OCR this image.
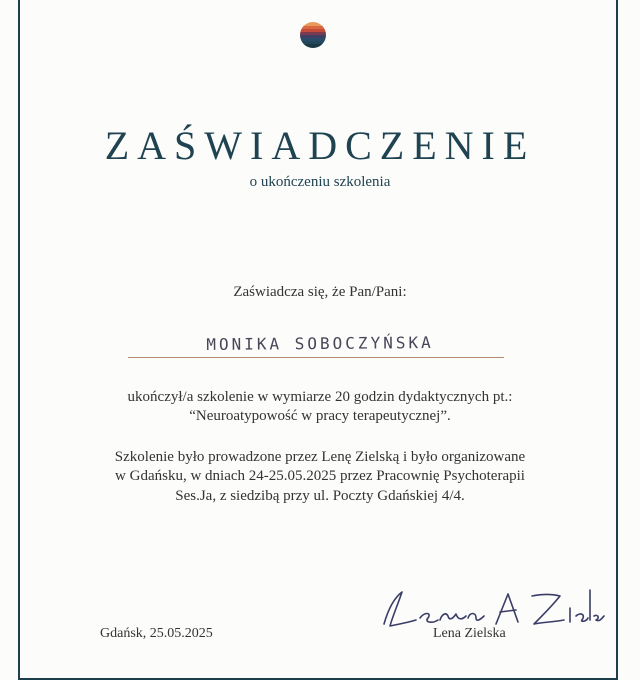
ZAŚWIADCZENIE
o ukończeniu szkolenia
Zaświadcza się, że Pan/Pani:
MONIKA SOBOCZYŃSKA
ukończył/a szkolenie w wymiarze 20 godzin dydaktycznych pt.:
“Neuroatypowość w pracy terapeutycznej”.
Szkolenie było prowadzone przez Lenę Zielską i było organizowane
w Gdańsku, w dniach 24-25.05.2025 przez Pracownię Psychoterapii
Ses.Ja, z siedzibą przy ul. Poczty Gdańskiej 4/4.
Gdańsk, 25.05.2025	Lena Zielska
